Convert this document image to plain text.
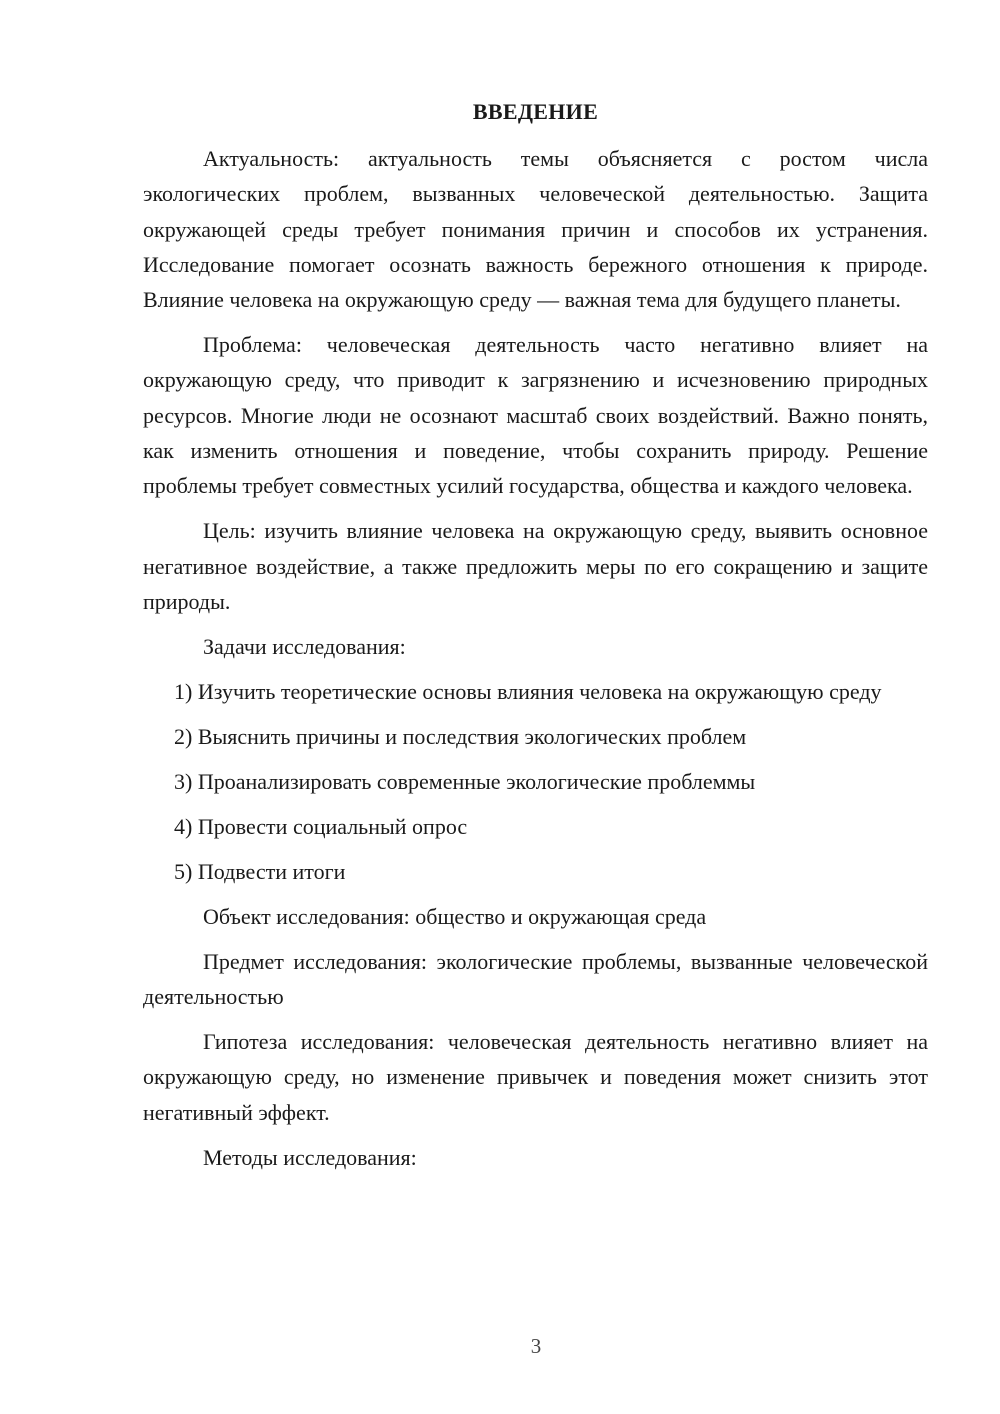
ВВЕДЕНИЕ

Актуальность: актуальность темы объясняется с ростом числа экологических проблем, вызванных человеческой деятельностью. Защита окружающей среды требует понимания причин и способов их устранения. Исследование помогает осознать важность бережного отношения к природе. Влияние человека на окружающую среду — важная тема для будущего планеты.

Проблема: человеческая деятельность часто негативно влияет на окружающую среду, что приводит к загрязнению и исчезновению природных ресурсов. Многие люди не осознают масштаб своих воздействий. Важно понять, как изменить отношения и поведение, чтобы сохранить природу. Решение проблемы требует совместных усилий государства, общества и каждого человека.

Цель: изучить влияние человека на окружающую среду, выявить основное негативное воздействие, а также предложить меры по его сокращению и защите природы.

Задачи исследования:

1) Изучить теоретические основы влияния человека на окружающую среду

2) Выяснить причины и последствия экологических проблем

3) Проанализировать современные экологические проблеммы

4) Провести социальный опрос

5) Подвести итоги

Объект исследования: общество и окружающая среда

Предмет исследования: экологические проблемы, вызванные человеческой деятельностью

Гипотеза исследования: человеческая деятельность негативно влияет на окружающую среду, но изменение привычек и поведения может снизить этот негативный эффект.

Методы исследования:

3
